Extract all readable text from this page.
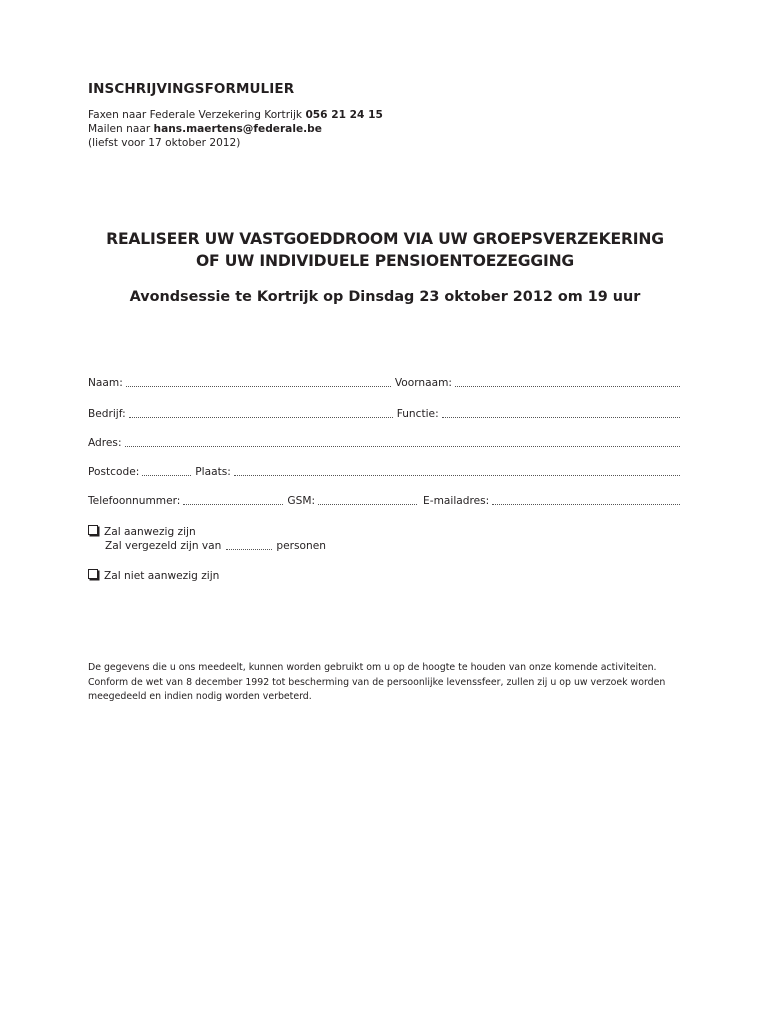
INSCHRIJVINGSFORMULIER
Faxen naar Federale Verzekering Kortrijk 056 21 24 15
Mailen naar hans.maertens@federale.be
(liefst voor 17 oktober 2012)
REALISEER UW VASTGOEDDROOM VIA UW GROEPSVERZEKERING
OF UW INDIVIDUELE PENSIOENTOEZEGGING
Avondsessie te Kortrijk op Dinsdag 23 oktober 2012 om 19 uur
Naam:	Voornaam:
Bedrijf:	Functie:
Adres:
Postcode:	Plaats:
Telefoonnummer:	GSM:	E-mailadres:
Zal aanwezig zijn
Zal vergezeld zijn van	personen
Zal niet aanwezig zijn
De gegevens die u ons meedeelt, kunnen worden gebruikt om u op de hoogte te houden van onze komende activiteiten.
Conform de wet van 8 december 1992 tot bescherming van de persoonlijke levenssfeer, zullen zij u op uw verzoek worden
meegedeeld en indien nodig worden verbeterd.
